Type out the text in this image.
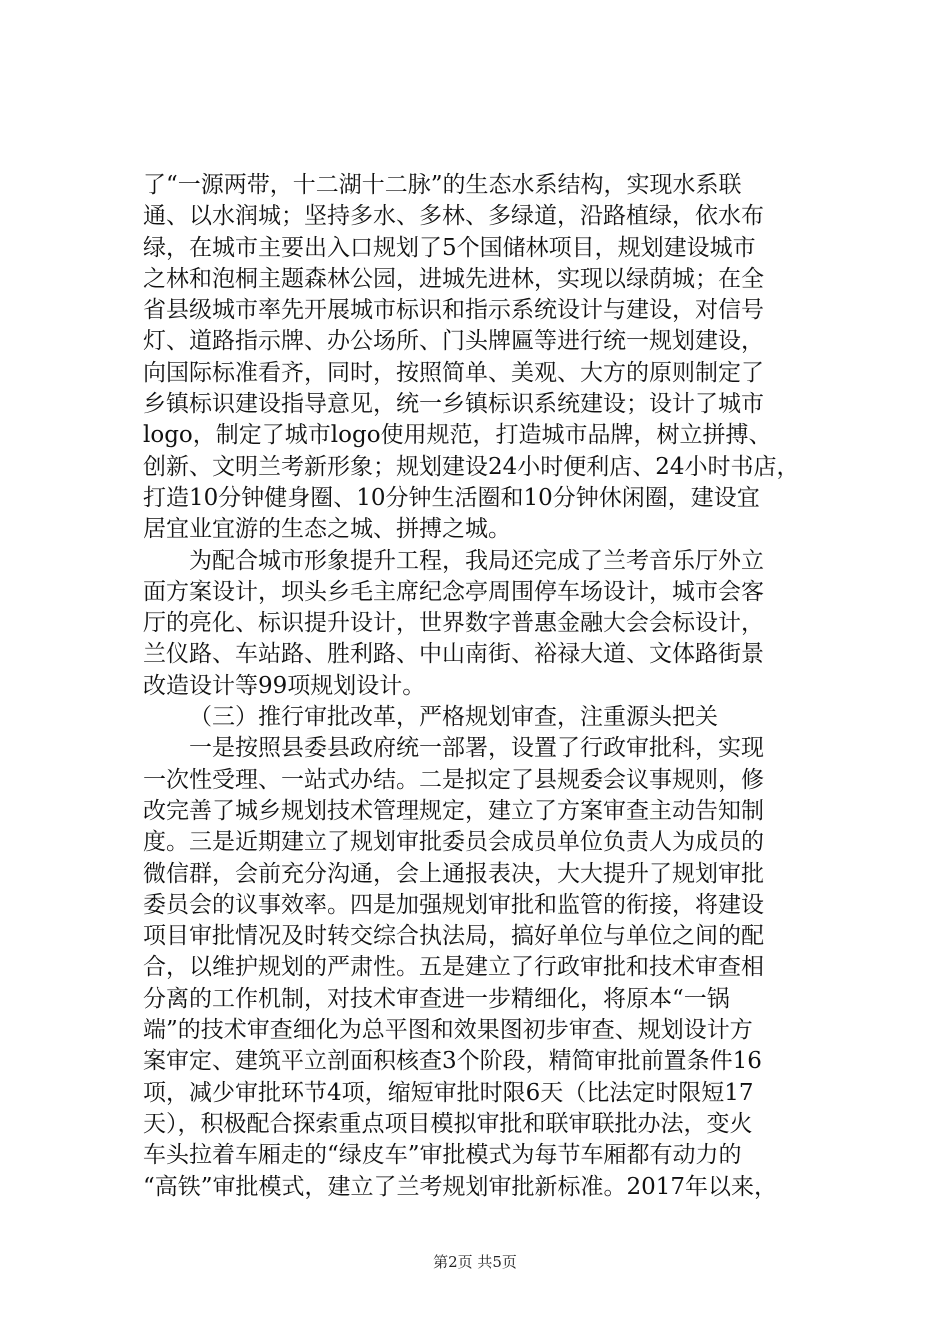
了“一源两带，十二湖十二脉”的生态水系结构，实现水系联
通、以水润城；坚持多水、多林、多绿道，沿路植绿，依水布
绿，在城市主要出入口规划了5个国储林项目，规划建设城市
之林和泡桐主题森林公园，进城先进林，实现以绿荫城；在全
省县级城市率先开展城市标识和指示系统设计与建设，对信号
灯、道路指示牌、办公场所、门头牌匾等进行统一规划建设，
向国际标准看齐，同时，按照简单、美观、大方的原则制定了
乡镇标识建设指导意见，统一乡镇标识系统建设；设计了城市
logo，制定了城市logo使用规范，打造城市品牌，树立拼搏、
创新、文明兰考新形象；规划建设24小时便利店、24小时书店，
打造10分钟健身圈、10分钟生活圈和10分钟休闲圈，建设宜
居宜业宜游的生态之城、拼搏之城。
为配合城市形象提升工程，我局还完成了兰考音乐厅外立
面方案设计，坝头乡毛主席纪念亭周围停车场设计，城市会客
厅的亮化、标识提升设计，世界数字普惠金融大会会标设计，
兰仪路、车站路、胜利路、中山南街、裕禄大道、文体路街景
改造设计等99项规划设计。
（三）推行审批改革，严格规划审查，注重源头把关
一是按照县委县政府统一部署，设置了行政审批科，实现
一次性受理、一站式办结。二是拟定了县规委会议事规则，修
改完善了城乡规划技术管理规定，建立了方案审查主动告知制
度。三是近期建立了规划审批委员会成员单位负责人为成员的
微信群，会前充分沟通，会上通报表决，大大提升了规划审批
委员会的议事效率。四是加强规划审批和监管的衔接，将建设
项目审批情况及时转交综合执法局，搞好单位与单位之间的配
合，以维护规划的严肃性。五是建立了行政审批和技术审查相
分离的工作机制，对技术审查进一步精细化，将原本“一锅
端”的技术审查细化为总平图和效果图初步审查、规划设计方
案审定、建筑平立剖面积核查3个阶段，精简审批前置条件16
项，减少审批环节4项，缩短审批时限6天（比法定时限短17
天），积极配合探索重点项目模拟审批和联审联批办法，变火
车头拉着车厢走的“绿皮车”审批模式为每节车厢都有动力的
“高铁”审批模式，建立了兰考规划审批新标准。2017年以来，
第2页 共5页
